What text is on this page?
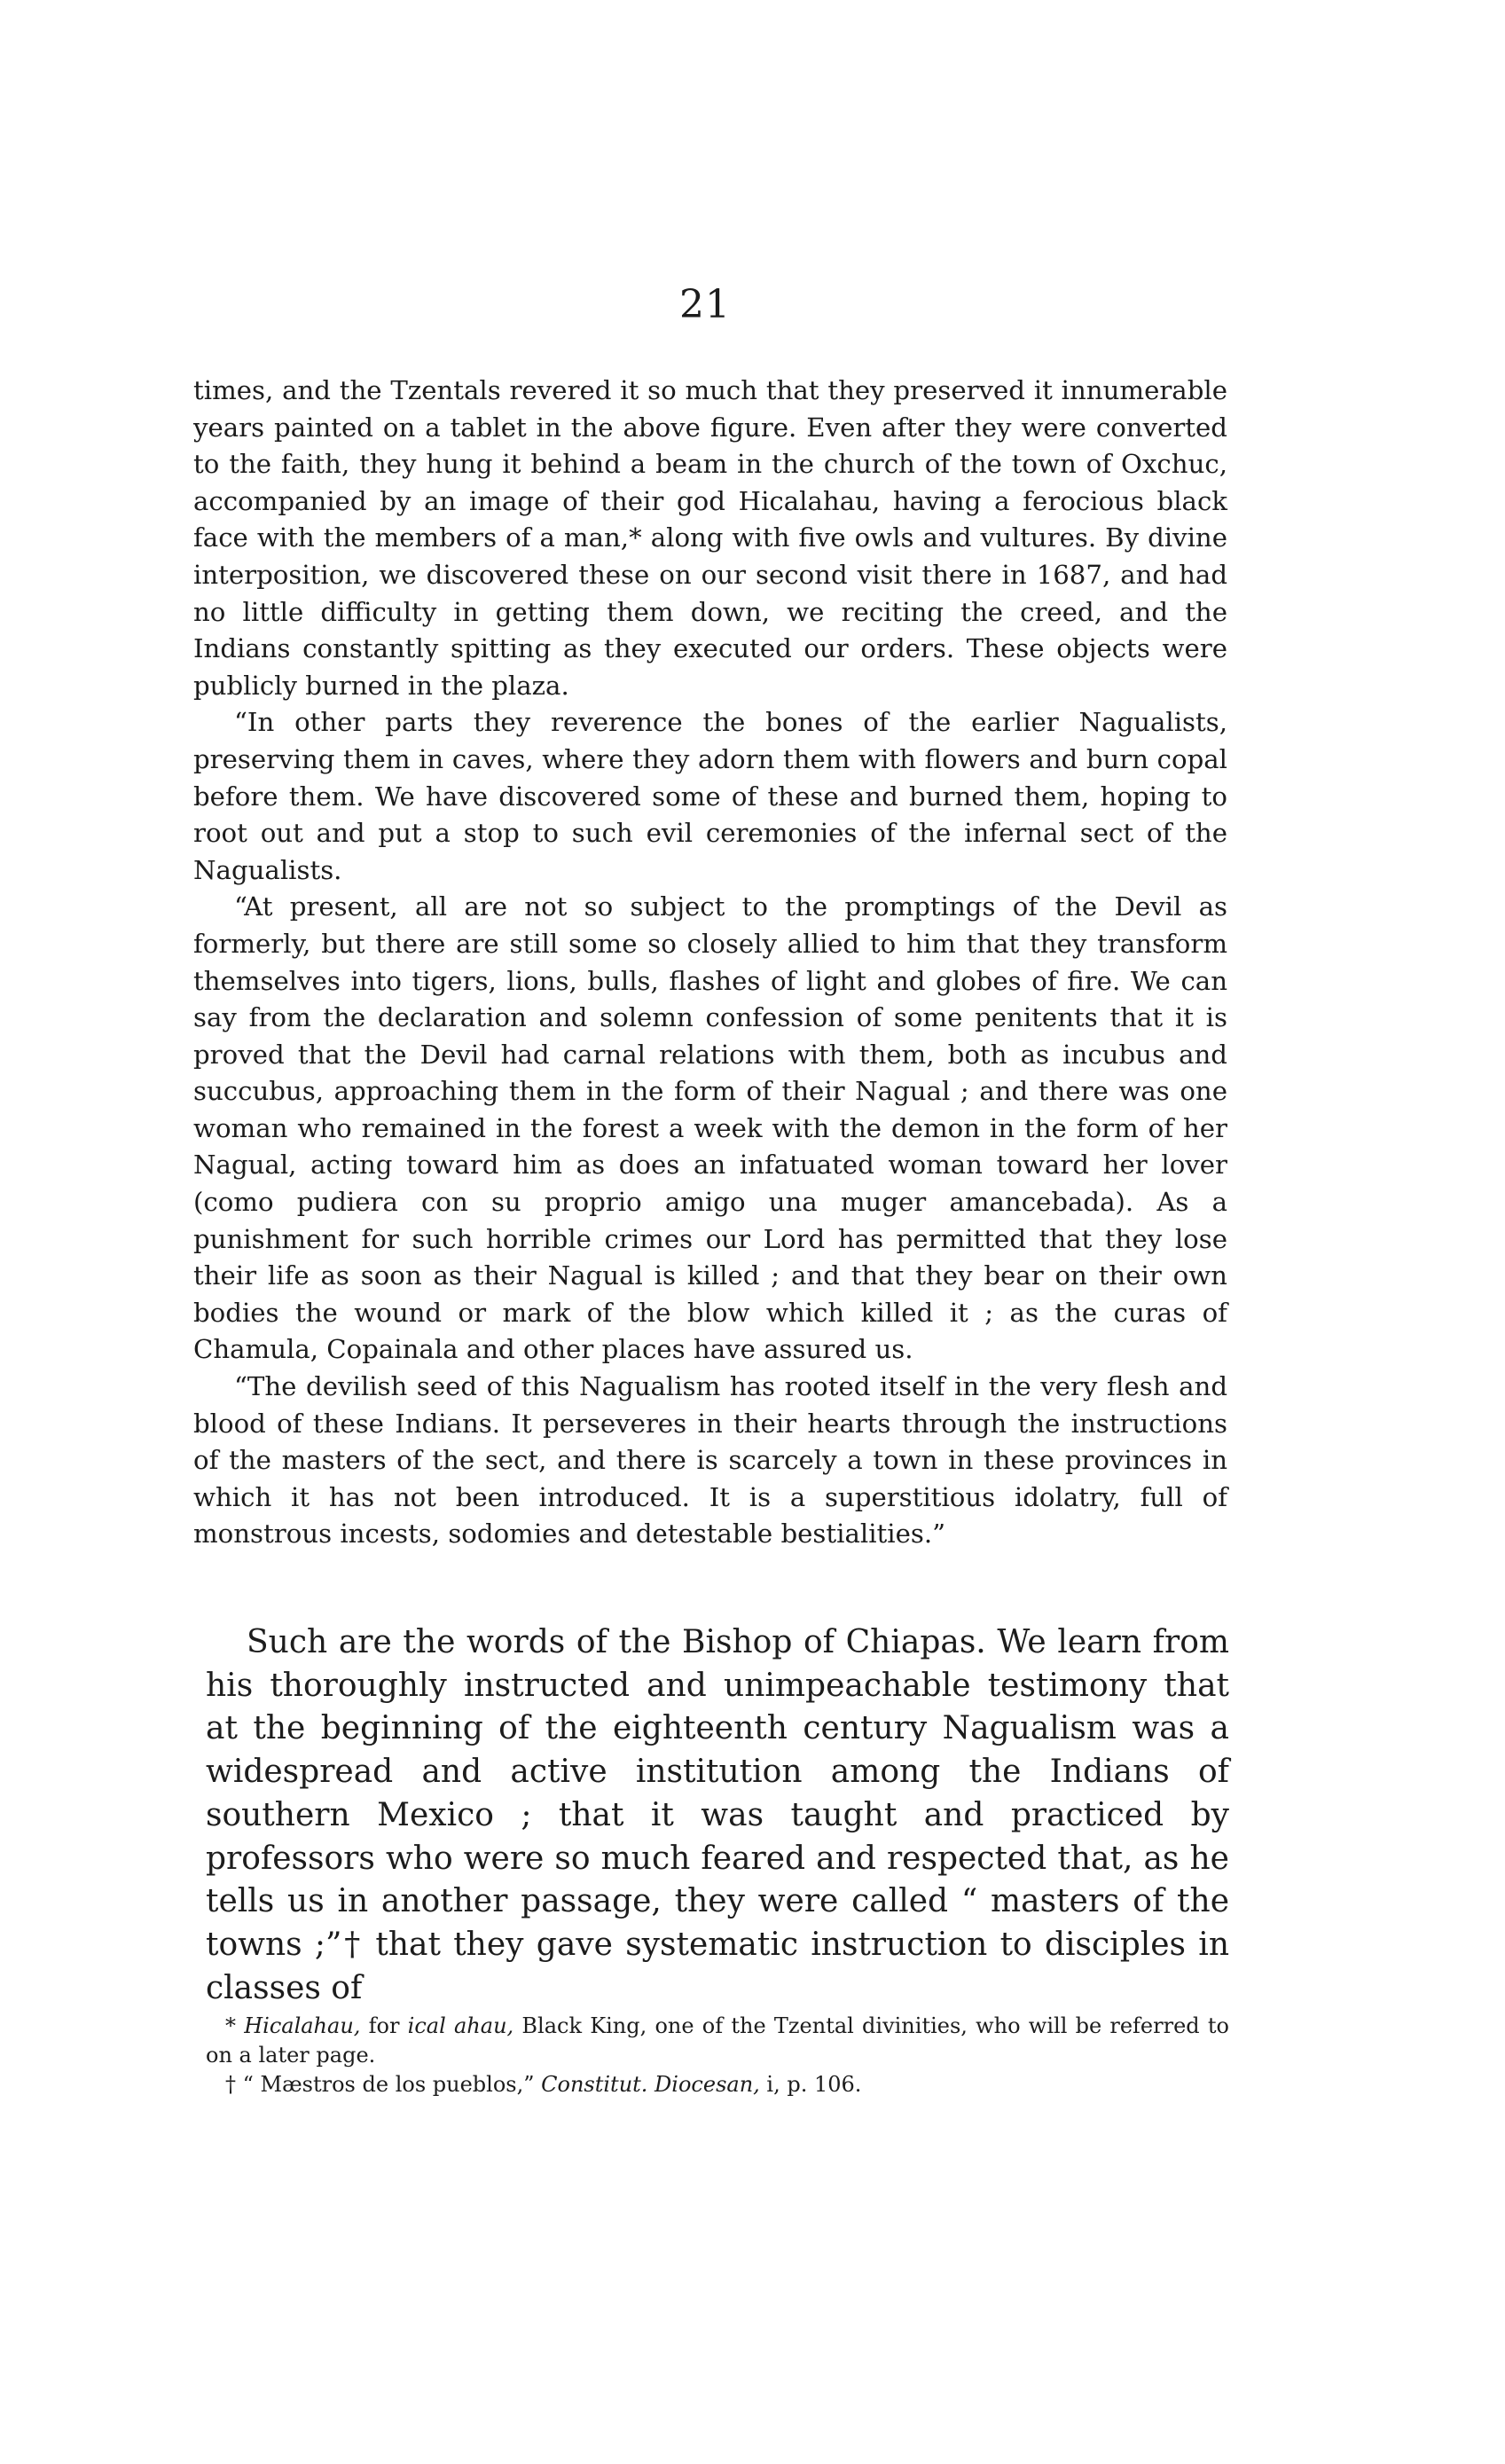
21

times, and the Tzentals revered it so much that they preserved it innumerable years painted on a tablet in the above figure. Even after they were converted to the faith, they hung it behind a beam in the church of the town of Oxchuc, accompanied by an image of their god Hicalahau, having a ferocious black face with the members of a man,* along with five owls and vultures. By divine interposition, we discovered these on our second visit there in 1687, and had no little difficulty in getting them down, we reciting the creed, and the Indians constantly spitting as they executed our orders. These objects were publicly burned in the plaza.

“In other parts they reverence the bones of the earlier Nagualists, preserving them in caves, where they adorn them with flowers and burn copal before them. We have discovered some of these and burned them, hoping to root out and put a stop to such evil ceremonies of the infernal sect of the Nagualists.

“At present, all are not so subject to the promptings of the Devil as formerly, but there are still some so closely allied to him that they transform themselves into tigers, lions, bulls, flashes of light and globes of fire. We can say from the declaration and solemn confession of some penitents that it is proved that the Devil had carnal relations with them, both as incubus and succubus, approaching them in the form of their Nagual ; and there was one woman who remained in the forest a week with the demon in the form of her Nagual, acting toward him as does an infatuated woman toward her lover (como pudiera con su proprio amigo una muger amancebada). As a punishment for such horrible crimes our Lord has permitted that they lose their life as soon as their Nagual is killed ; and that they bear on their own bodies the wound or mark of the blow which killed it ; as the curas of Chamula, Copainala and other places have assured us.

“The devilish seed of this Nagualism has rooted itself in the very flesh and blood of these Indians. It perseveres in their hearts through the instructions of the masters of the sect, and there is scarcely a town in these provinces in which it has not been introduced. It is a superstitious idolatry, full of monstrous incests, sodomies and detestable bestialities.”

Such are the words of the Bishop of Chiapas. We learn from his thoroughly instructed and unimpeachable testimony that at the beginning of the eighteenth century Nagualism was a widespread and active institution among the Indians of southern Mexico ; that it was taught and practiced by professors who were so much feared and respected that, as he tells us in another passage, they were called “ masters of the towns ;”† that they gave systematic instruction to disciples in classes of

* Hicalahau, for ical ahau, Black King, one of the Tzental divinities, who will be referred to on a later page.

† “ Mæstros de los pueblos,” Constitut. Diocesan, i, p. 106.
